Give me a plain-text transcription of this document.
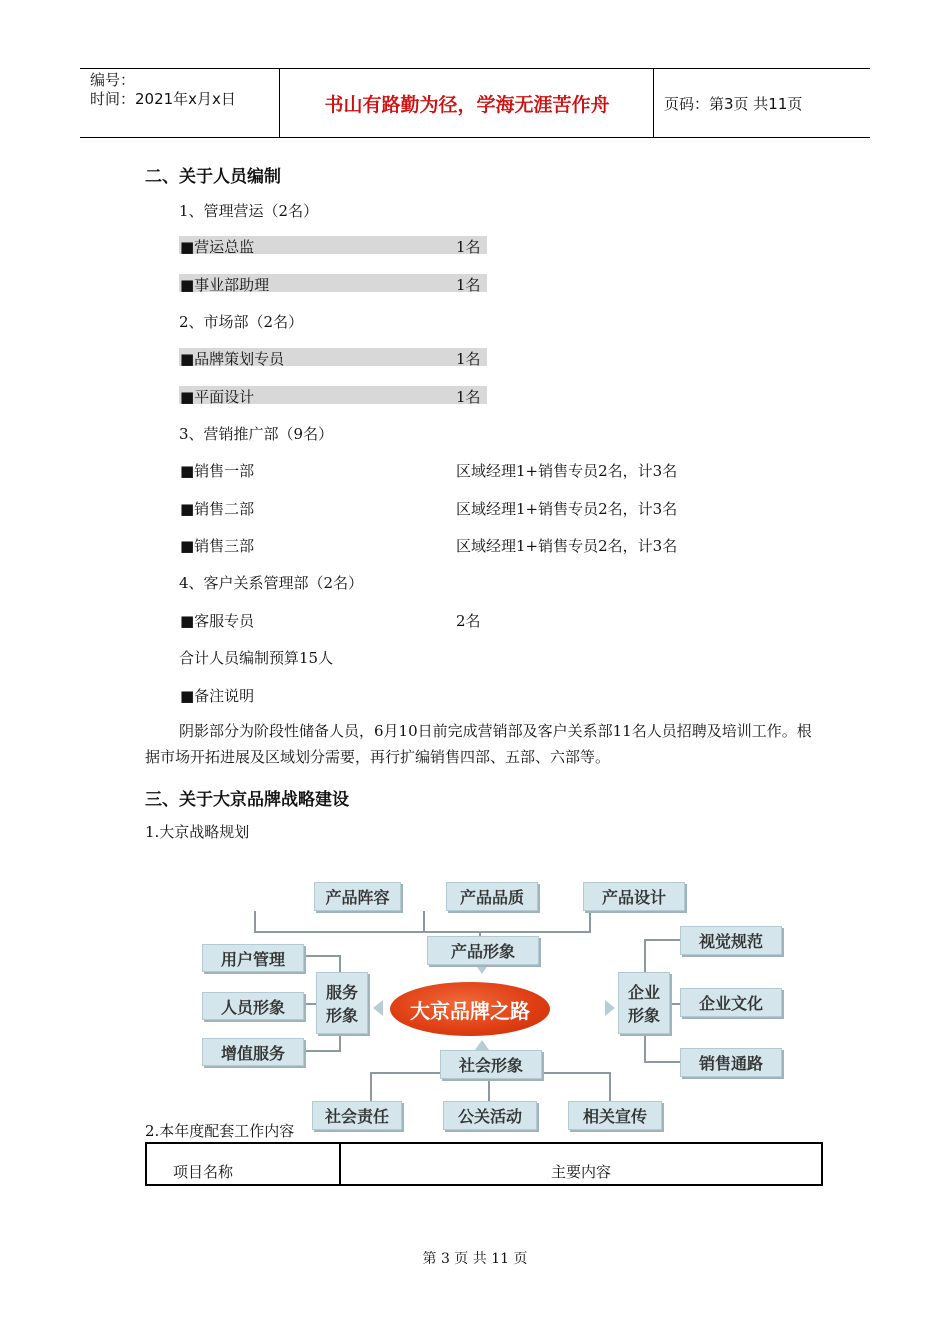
编号：
时间：2021年x月x日	书山有路勤为径，学海无涯苦作舟	页码：第3页 共11页
二、关于人员编制
1、管理营运（2名）
■营运总监	1名
■事业部助理	1名
2、市场部（2名）
■品牌策划专员	1名
■平面设计	1名
3、营销推广部（9名）
■销售一部	区域经理1+销售专员2名，计3名
■销售二部	区域经理1+销售专员2名，计3名
■销售三部	区域经理1+销售专员2名，计3名
4、客户关系管理部（2名）
■客服专员	2名
合计人员编制预算15人
■备注说明
阴影部分为阶段性储备人员，6月10日前完成营销部及客户关系部11名人员招聘及培训工作。根据市场开拓进展及区域划分需要，再行扩编销售四部、五部、六部等。
三、关于大京品牌战略建设
1.大京战略规划
产品阵容	产品品质	产品设计
产品形象
用户管理
人员形象
增值服务
服务形象	大京品牌之路
企业形象
视觉规范
企业文化
销售通路
社会形象
社会责任	公关活动	相关宣传
2.本年度配套工作内容
项目名称	主要内容
第 3 页 共 11 页
